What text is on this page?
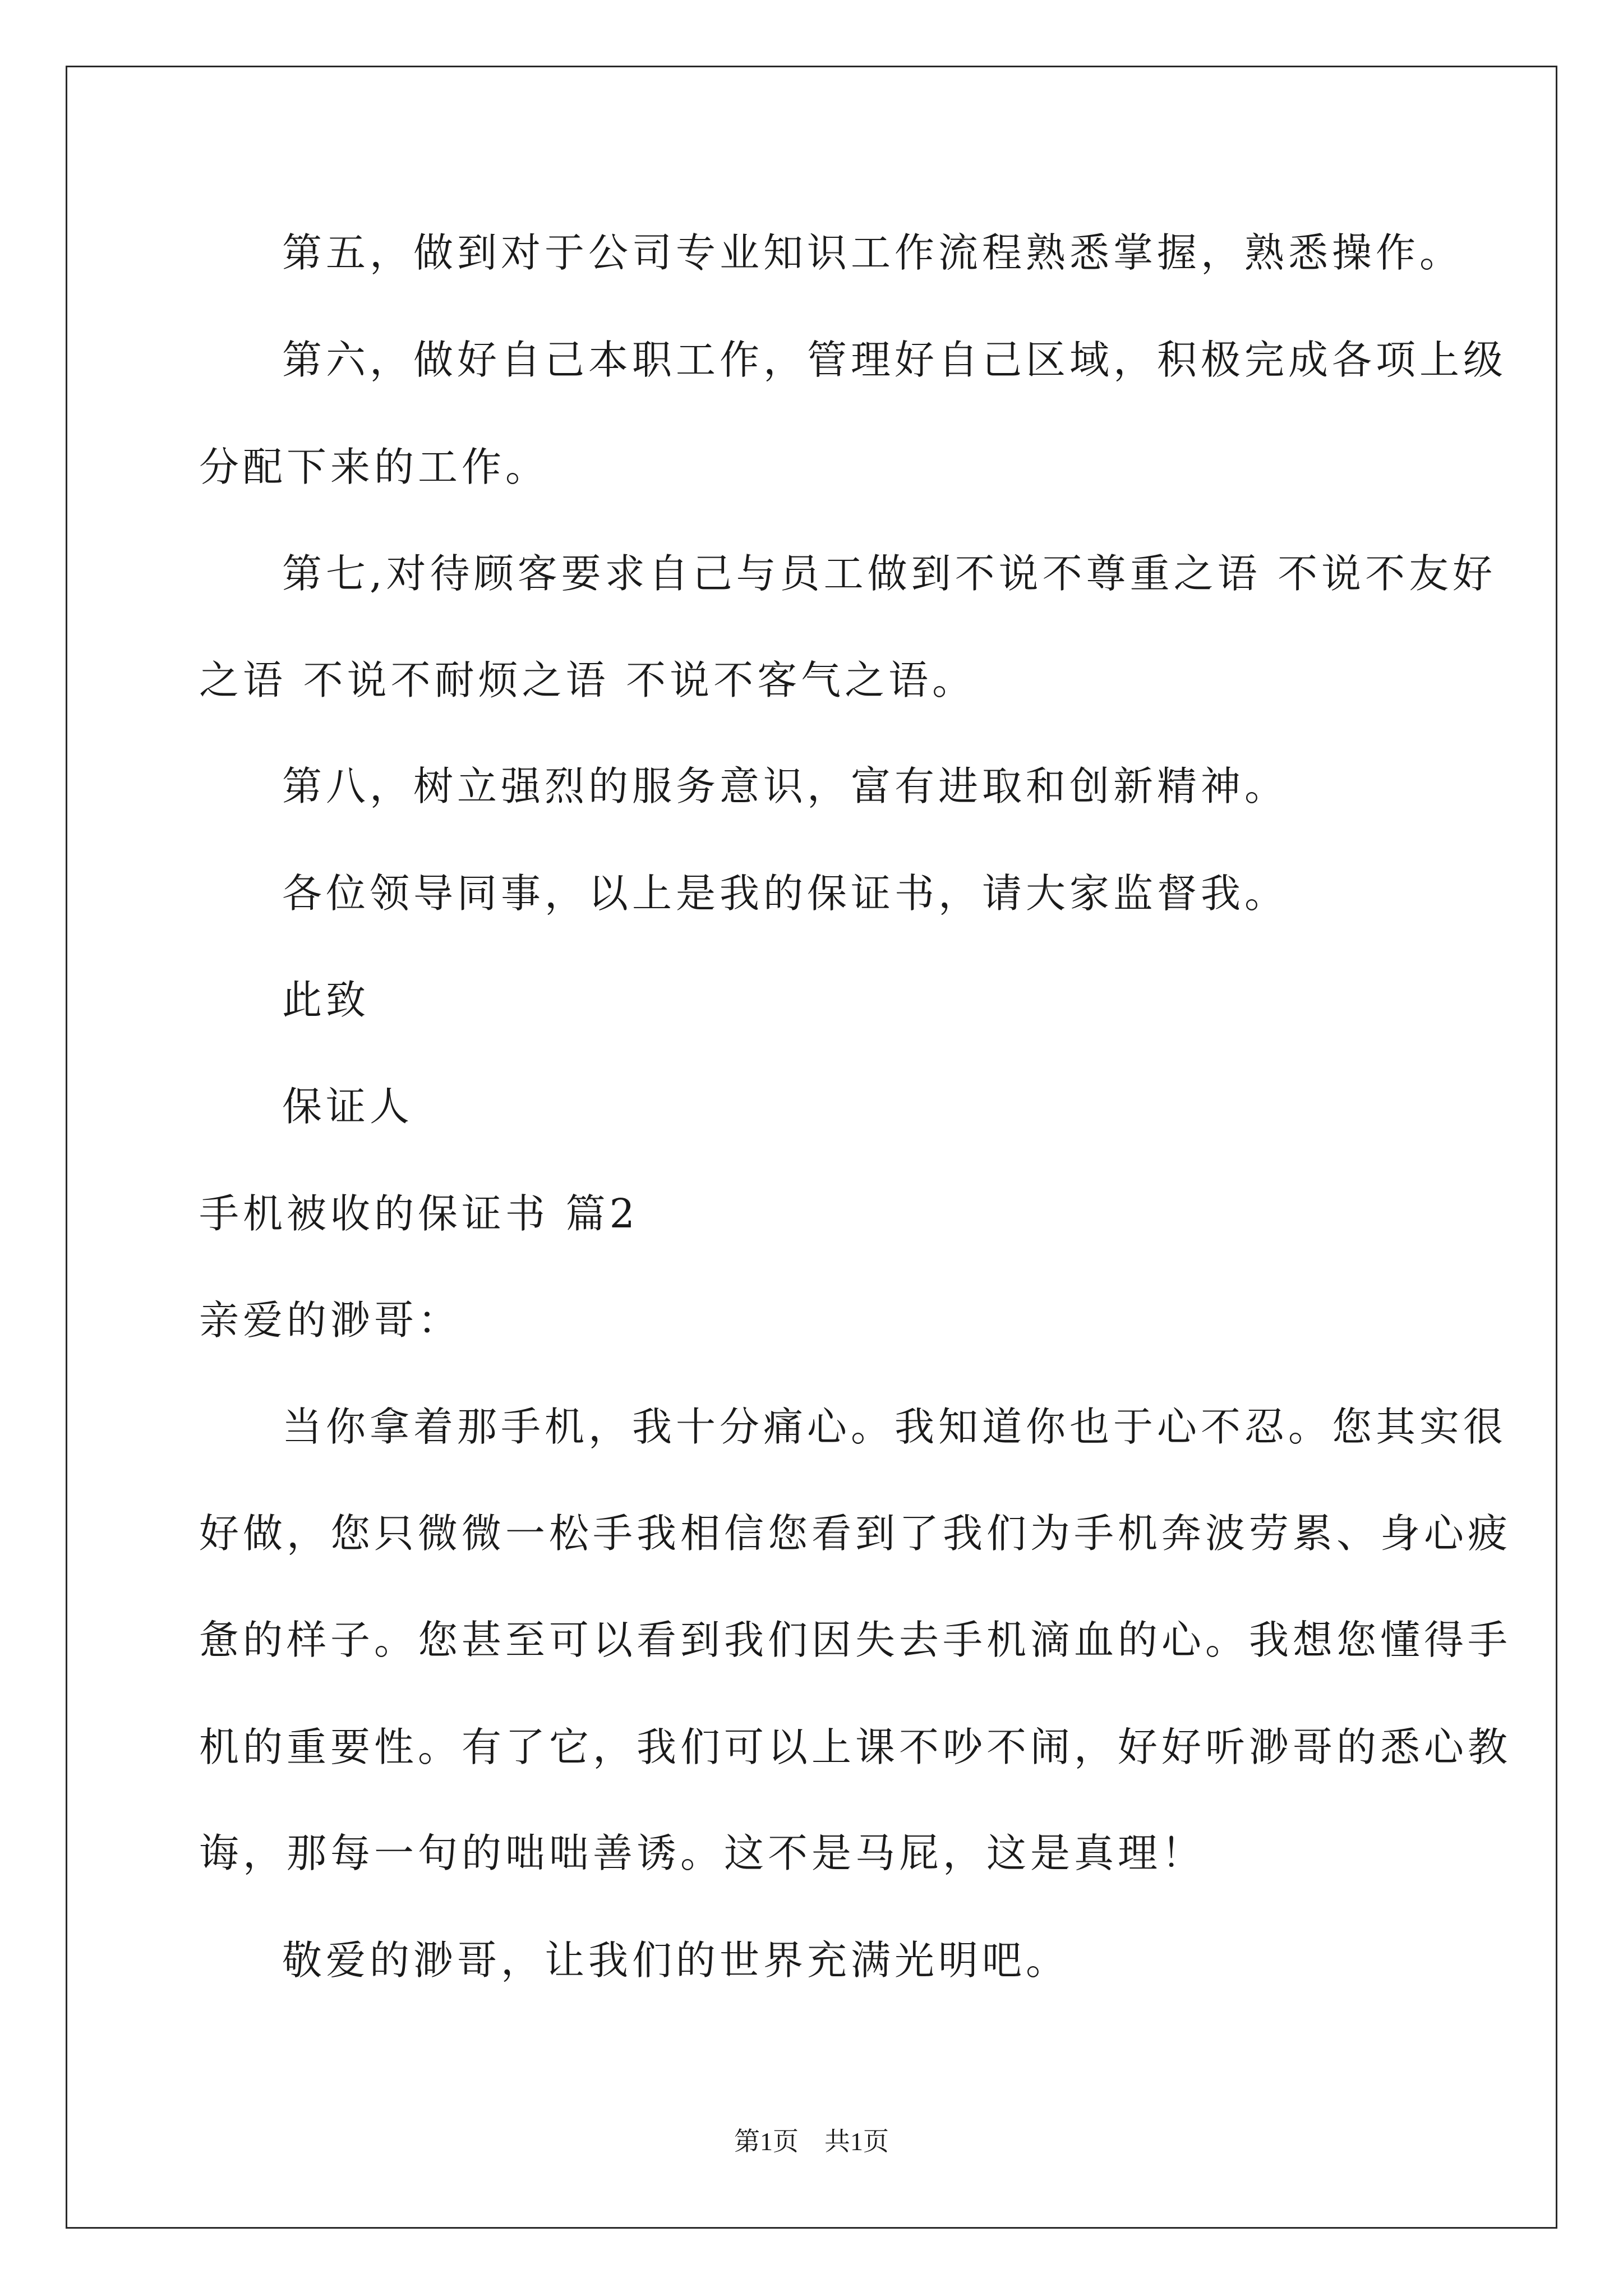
第五，做到对于公司专业知识工作流程熟悉掌握，熟悉操作。
第六，做好自己本职工作，管理好自己区域，积极完成各项上级
分配下来的工作。
第七,对待顾客要求自己与员工做到不说不尊重之语 不说不友好
之语 不说不耐烦之语 不说不客气之语。
第八，树立强烈的服务意识，富有进取和创新精神。
各位领导同事，以上是我的保证书，请大家监督我。
此致
保证人
手机被收的保证书 篇2
亲爱的渺哥：
当你拿着那手机，我十分痛心。我知道你也于心不忍。您其实很
好做，您只微微一松手我相信您看到了我们为手机奔波劳累、身心疲
惫的样子。您甚至可以看到我们因失去手机滴血的心。我想您懂得手
机的重要性。有了它，我们可以上课不吵不闹，好好听渺哥的悉心教
诲，那每一句的咄咄善诱。这不是马屁，这是真理！
敬爱的渺哥，让我们的世界充满光明吧。
第1页　共1页
